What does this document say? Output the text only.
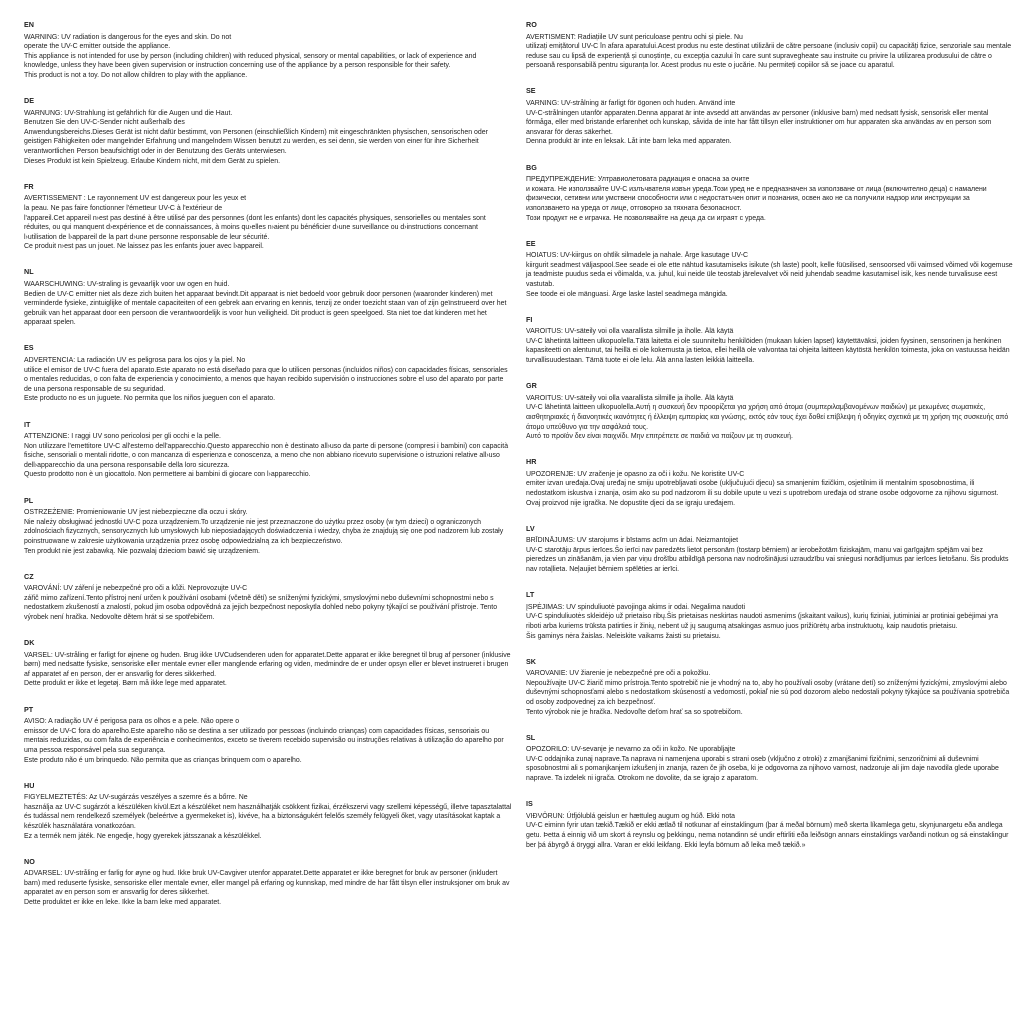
EN
WARNING: UV radiation is dangerous for the eyes and skin. Do not
operate the UV-C emitter outside the appliance.
This appliance is not intended for use by person (including children) with reduced physical, sensory or mental capabilities, or lack of experience and knowledge, unless they have been given supervision or instruction concerning use of the appliance by a person responsible for their safety.
This product is not a toy. Do not allow children to play with the appliance.
DE
WARNUNG: UV-Strahlung ist gefährlich für die Augen und die Haut.
Benutzen Sie den UV-C-Sender nicht außerhalb des
Anwendungsbereichs.Dieses Gerät ist nicht dafür bestimmt, von Personen (einschließlich Kindern) mit eingeschränkten physischen, sensorischen oder geistigen Fähigkeiten oder mangelnder Erfahrung und mangelndem Wissen benutzt zu werden, es sei denn, sie werden von einer für ihre Sicherheit verantwortlichen Person beaufsichtigt oder in der Benutzung des Geräts unterwiesen.
Dieses Produkt ist kein Spielzeug. Erlaube Kindern nicht, mit dem Gerät zu spielen.
FR
AVERTISSEMENT : Le rayonnement UV est dangereux pour les yeux et
la peau. Ne pas faire fonctionner l'émetteur UV-C à l'extérieur de
l'appareil.Cet appareil n›est pas destiné à être utilisé par des personnes (dont les enfants) dont les capacités physiques, sensorielles ou mentales sont réduites, ou qui manquent d›expérience et de connaissances, à moins qu›elles n›aient pu bénéficier d›une surveillance ou d›instructions concernant l›utilisation de l›appareil de la part d›une personne responsable de leur sécurité.
Ce produit n›est pas un jouet. Ne laissez pas les enfants jouer avec l›appareil.
NL
WAARSCHUWING: UV-straling is gevaarlijk voor uw ogen en huid.
Bedien de UV-C emitter niet als deze zich buiten het apparaat bevindt.Dit apparaat is niet bedoeld voor gebruik door personen (waaronder kinderen) met verminderde fysieke, zintuiglijke of mentale capaciteiten of een gebrek aan ervaring en kennis, tenzij ze onder toezicht staan van of zijn geïnstrueerd over het gebruik van het apparaat door een persoon die verantwoordelijk is voor hun veiligheid. Dit product is geen speelgoed. Sta niet toe dat kinderen met het apparaat spelen.
ES
ADVERTENCIA: La radiación UV es peligrosa para los ojos y la piel. No
utilice el emisor de UV-C fuera del aparato.Este aparato no está diseñado para que lo utilicen personas (incluidos niños) con capacidades físicas, sensoriales o mentales reducidas, o con falta de experiencia y conocimiento, a menos que hayan recibido supervisión o instrucciones sobre el uso del aparato por parte de una persona responsable de su seguridad.
Este producto no es un juguete. No permita que los niños jueguen con el aparato.
IT
ATTENZIONE: I raggi UV sono pericolosi per gli occhi e la pelle.
Non utilizzare l'emettitore UV-C all'esterno dell'apparecchio.Questo apparecchio non è destinato all›uso da parte di persone (compresi i bambini) con capacità fisiche, sensoriali o mentali ridotte, o con mancanza di esperienza e conoscenza, a meno che non abbiano ricevuto supervisione o istruzioni relative all›uso dell›apparecchio da una persona responsabile della loro sicurezza.
Questo prodotto non è un giocattolo. Non permettere ai bambini di giocare con l›apparecchio.
PL
OSTRZEŻENIE: Promieniowanie UV jest niebezpieczne dla oczu i skóry.
Nie należy obsługiwać jednostki UV-C poza urządzeniem.To urządzenie nie jest przeznaczone do użytku przez osoby (w tym dzieci) o ograniczonych zdolnościach fizycznych, sensorycznych lub umysłowych lub nieposiadających doświadczenia i wiedzy, chyba że znajdują się one pod nadzorem lub zostały poinstruowane w zakresie użytkowania urządzenia przez osobę odpowiedzialną za ich bezpieczeństwo.
Ten produkt nie jest zabawką. Nie pozwalaj dzieciom bawić się urządzeniem.
CZ
VAROVÁNÍ: UV záření je nebezpečné pro oči a kůži. Neprovozujte UV-C
zářič mimo zařízení.Tento přístroj není určen k používání osobami (včetně dětí) se sníženými fyzickými, smyslovými nebo duševními schopnostmi nebo s nedostatkem zkušeností a znalostí, pokud jim osoba odpovědná za jejich bezpečnost neposkytla dohled nebo pokyny týkající se používání přístroje. Tento výrobek není hračka. Nedovolte dětem hrát si se spotřebičem.
DK
VARSEL: UV-stråling er farligt for øjnene og huden. Brug ikke UVCudsenderen uden for apparatet.Dette apparat er ikke beregnet til brug af personer (inklusive børn) med nedsatte fysiske, sensoriske eller mentale evner eller manglende erfaring og viden, medmindre de er under opsyn eller er blevet instrueret i brugen af apparatet af en person, der er ansvarlig for deres sikkerhed.
Dette produkt er ikke et legetøj. Børn må ikke lege med apparatet.
PT
AVISO: A radiação UV é perigosa para os olhos e a pele. Não opere o
emissor de UV-C fora do aparelho.Este aparelho não se destina a ser utilizado por pessoas (incluindo crianças) com capacidades físicas, sensoriais ou mentais reduzidas, ou com falta de experiência e conhecimentos, exceto se tiverem recebido supervisão ou instruções relativas à utilização do aparelho por uma pessoa responsável pela sua segurança.
Este produto não é um brinquedo. Não permita que as crianças brinquem com o aparelho.
HU
FIGYELMEZTETÉS: Az UV-sugárzás veszélyes a szemre és a bőrre. Ne
használja az UV-C sugárzót a készüléken kívül.Ezt a készüléket nem használhatják csökkent fizikai, érzékszervi vagy szellemi képességű, illetve tapasztalattal és tudással nem rendelkező személyek (beleértve a gyermekeket is), kivéve, ha a biztonságukért felelős személy felügyeli őket, vagy utasításokat kaptak a készülék használatára vonatkozóan.
Ez a termék nem játék. Ne engedje, hogy gyerekek játsszanak a készülékkel.
NO
ADVARSEL: UV-stråling er farlig for øyne og hud. Ikke bruk UV-Cavgiver utenfor apparatet.Dette apparatet er ikke beregnet for bruk av personer (inkludert barn) med reduserte fysiske, sensoriske eller mentale evner, eller mangel på erfaring og kunnskap, med mindre de har fått tilsyn eller instruksjoner om bruk av apparatet av en person som er ansvarlig for deres sikkerhet.
Dette produktet er ikke en leke. Ikke la barn leke med apparatet.
RO
AVERTISMENT: Radiațiile UV sunt periculoase pentru ochi și piele. Nu
utilizați emițătorul UV-C în afara aparatului.Acest produs nu este destinat utilizării de către persoane (inclusiv copii) cu capacități fizice, senzoriale sau mentale reduse sau cu lipsă de experiență și cunoștințe, cu excepția cazului în care sunt supravegheate sau instruite cu privire la utilizarea produsului de către o persoană responsabilă pentru siguranța lor. Acest produs nu este o jucărie. Nu permiteți copiilor să se joace cu aparatul.
SE
VARNING: UV-strålning är farligt för ögonen och huden. Använd inte
UV-C-strålningen utanför apparaten.Denna apparat är inte avsedd att användas av personer (inklusive barn) med nedsatt fysisk, sensorisk eller mental förmåga, eller med bristande erfarenhet och kunskap, såvida de inte har fått tillsyn eller instruktioner om hur apparaten ska användas av en person som ansvarar för deras säkerhet.
Denna produkt är inte en leksak. Låt inte barn leka med apparaten.
BG
ПРЕДУПРЕЖДЕНИЕ: Ултравиолетовата радиация е опасна за очите
и кожата. Не използвайте UV-C излъчвателя извън уреда.Този уред не е предназначен за използване от лица (включително деца) с намалени физически, сетивни или умствени способности или с недостатъчен опит и познания, освен ако не са получили надзор или инструкции за използването на уреда от лице, отговорно за тяхната безопасност.
Този продукт не е играчка. Не позволявайте на деца да си играят с уреда.
EE
HOIATUS: UV-kiirgus on ohtlik silmadele ja nahale. Ärge kasutage UV-C
kiirgurit seadmest väljaspool.See seade ei ole ette nähtud kasutamiseks isikute (sh laste) poolt, kelle füüsilised, sensoorsed või vaimsed võimed või kogemuse ja teadmiste puudus seda ei võimalda, v.a. juhul, kui neide üle teostab järelevalvet või neid juhendab seadme kasutamisel isik, kes nende turvalisuse eest vastutab.
See toode ei ole mänguasi. Ärge laske lastel seadmega mängida.
FI
VAROITUS: UV-säteily voi olla vaarallista silmille ja iholle. Älä käytä
UV-C lähetintä laitteen ulkopuolella.Tätä laitetta ei ole suunniteltu henkilöiden (mukaan lukien lapset) käytettäväksi, joiden fyysinen, sensorinen ja henkinen kapasiteetti on alentunut, tai heillä ei ole kokemusta ja tietoa, ellei heillä ole valvontaa tai ohjeita laitteen käytöstä henkilön toimesta, joka on vastuussa heidän turvallisuudestaan. Tämä tuote ei ole lelu. Älä anna lasten leikkiä laitteella.
GR
VAROITUS: UV-säteily voi olla vaarallista silmille ja iholle. Älä käytä
UV-C lähetintä laitteen ulkopuolella.Αυτή η συσκευή δεν προορίζεται για χρήση από άτομα (συμπεριλαμβανομένων παιδιών) με μειωμένες σωματικές, αισθητηριακές ή διανοητικές ικανότητες ή έλλειψη εμπειρίας και γνώσης, εκτός εάν τους έχει δοθεί επίβλεψη ή οδηγίες σχετικά με τη χρήση της συσκευής από άτομο υπεύθυνο για την ασφάλειά τους.
Αυτό το προϊόν δεν είναι παιχνίδι. Μην επιτρέπετε σε παιδιά να παίζουν με τη συσκευή.
HR
UPOZORENJE: UV zračenje je opasno za oči i kožu. Ne koristite UV-C
emiter izvan uređaja.Ovaj uređaj ne smiju upotrebljavati osobe (uključujući djecu) sa smanjenim fizičkim, osjetilnim ili mentalnim sposobnostima, ili nedostatkom iskustva i znanja, osim ako su pod nadzorom ili su dobile upute u vezi s upotrebom uređaja od strane osobe odgovorne za njihovu sigurnost.
Ovaj proizvod nije igračka. Ne dopustite djeci da se igraju uređajem.
LV
BRĪDINĀJUMS: UV starojums ir bīstams acīm un ādai. Neizmantojiet
UV-C starotāju ārpus ierīces.Šo ierīci nav paredzēts lietot personām (tostarp bērniem) ar ierobežotām fiziskajām, manu vai garīgajām spējām vai bez pieredzes un zināšanām, ja vien par viņu drošību atbildīgā persona nav nodrošinājusi uzraudzību vai sniegusi norādījumus par ierīces lietošanu. Šis produkts nav rotaļlieta. Neļaujiet bērniem spēlēties ar ierīci.
LT
ĮSPĖJIMAS: UV spinduliuotė pavojinga akims ir odai. Negalima naudoti
UV-C spinduliuotės skleidėjo už prietaiso ribų.Šis prietaisas neskirtas naudoti asmenims (įskaitant vaikus), kurių fiziniai, jutiminiai ar protiniai gebėjimai yra riboti arba kuriems trūksta patirties ir žinių, nebent už jų saugumą atsakingas asmuo juos prižiūrėtų arba instruktuotų, kaip naudotis prietaisu.
Šis gaminys nėra žaislas. Neleiskite vaikams žaisti su prietaisu.
SK
VAROVANIE: UV žiarenie je nebezpečné pre oči a pokožku.
Nepoužívajte UV-C žiarič mimo prístroja.Tento spotrebič nie je vhodný na to, aby ho používali osoby (vrátane detí) so zníženými fyzickými, zmyslovými alebo duševnými schopnosťami alebo s nedostatkom skúseností a vedomostí, pokiaľ nie sú pod dozorom alebo nedostali pokyny týkajúce sa používania spotrebiča od osoby zodpovednej za ich bezpečnosť.
Tento výrobok nie je hračka. Nedovoľte deťom hrať sa so spotrebičom.
SL
OPOZORILO: UV-sevanje je nevarno za oči in kožo. Ne uporabljajte
UV-C oddajnika zunaj naprave.Ta naprava ni namenjena uporabi s strani oseb (vključno z otroki) z zmanjšanimi fizičnimi, senzoričnimi ali duševnimi sposobnostmi ali s pomanjkanjem izkušenj in znanja, razen če jih oseba, ki je odgovorna za njihovo varnost, nadzoruje ali jim daje navodila glede uporabe naprave. Ta izdelek ni igrača. Otrokom ne dovolite, da se igrajo z aparatom.
IS
VIÐVÖRUN: Útfjólublá geislun er hættuleg augum og húð. Ekki nota
UV-C eiminn fyrir utan tækið.Tækið er ekki ætlað til notkunar af einstaklingum (þar á meðal börnum) með skerta líkamlega getu, skynjunargetu eða andlega getu. Þetta á einnig við um skort á reynslu og þekkingu, nema notandinn sé undir eftirliti eða leiðsögn annars einstaklings varðandi notkun og sá einstaklingur ber þá ábyrgð á öryggi allra. Varan er ekki leikfang. Ekki leyfa börnum að leika með tækið.»
